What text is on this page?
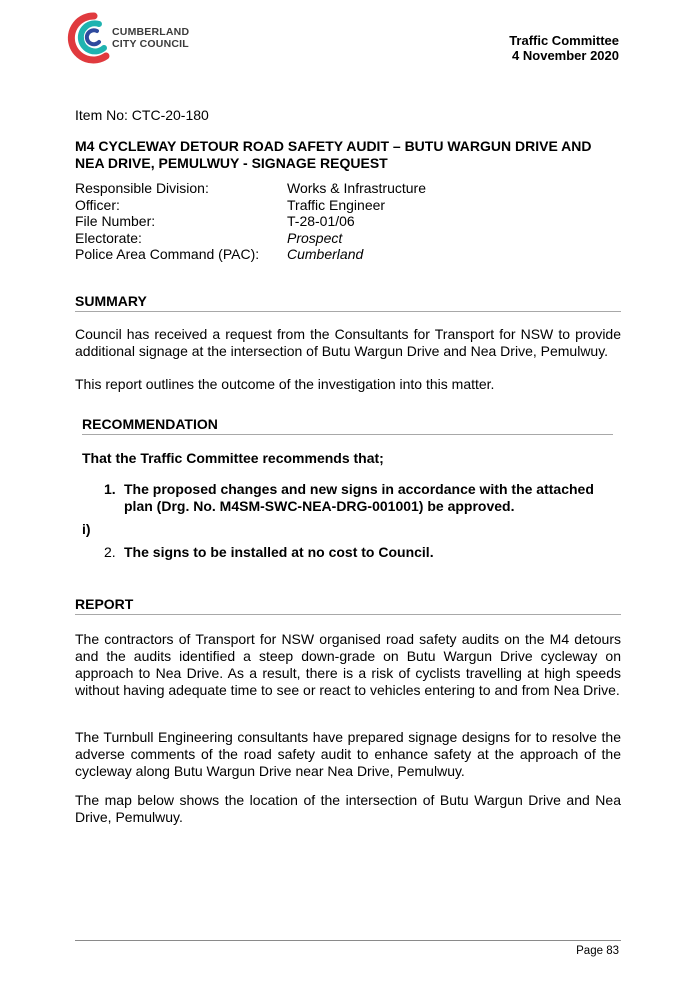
CUMBERLAND
CITY COUNCIL	Traffic Committee
4 November 2020
Item No: CTC-20-180
M4 CYCLEWAY DETOUR ROAD SAFETY AUDIT – BUTU WARGUN DRIVE AND NEA DRIVE, PEMULWUY - SIGNAGE REQUEST
Responsible Division:	Works & Infrastructure
Officer:	Traffic Engineer
File Number:	T-28-01/06
Electorate:	Prospect
Police Area Command (PAC):	Cumberland
SUMMARY
Council has received a request from the Consultants for Transport for NSW to provide additional signage at the intersection of Butu Wargun Drive and Nea Drive, Pemulwuy.
This report outlines the outcome of the investigation into this matter.
RECOMMENDATION
That the Traffic Committee recommends that;
1. The proposed changes and new signs in accordance with the attached plan (Drg. No. M4SM-SWC-NEA-DRG-001001) be approved.
i)
2. The signs to be installed at no cost to Council.
REPORT
The contractors of Transport for NSW organised road safety audits on the M4 detours and the audits identified a steep down-grade on Butu Wargun Drive cycleway on approach to Nea Drive. As a result, there is a risk of cyclists travelling at high speeds without having adequate time to see or react to vehicles entering to and from Nea Drive.
The Turnbull Engineering consultants have prepared signage designs for to resolve the adverse comments of the road safety audit to enhance safety at the approach of the cycleway along Butu Wargun Drive near Nea Drive, Pemulwuy.
The map below shows the location of the intersection of Butu Wargun Drive and Nea Drive, Pemulwuy.
Page 83
